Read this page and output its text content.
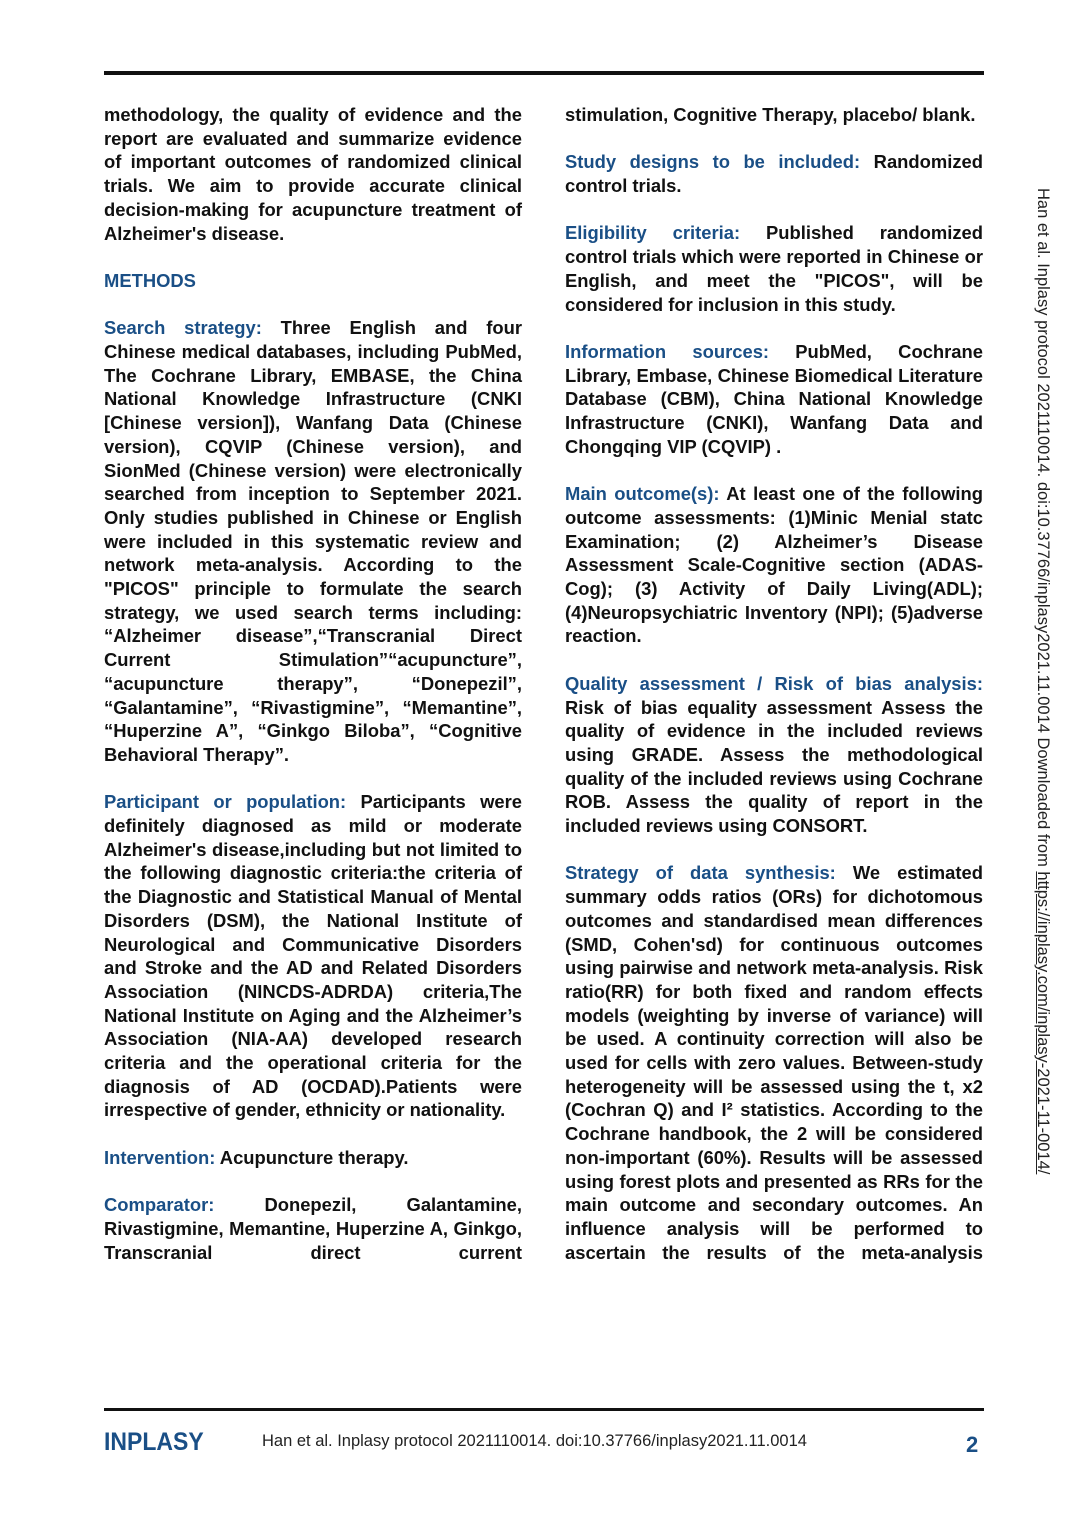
methodology, the quality of evidence and the report are evaluated and summarize evidence of important outcomes of randomized clinical trials. We aim to provide accurate clinical decision-making for acupuncture treatment of Alzheimer's disease.

METHODS

Search strategy: Three English and four Chinese medical databases, including PubMed, The Cochrane Library, EMBASE, the China National Knowledge Infrastructure (CNKI [Chinese version]), Wanfang Data (Chinese version), CQVIP (Chinese version), and SionMed (Chinese version) were electronically searched from inception to September 2021. Only studies published in Chinese or English were included in this systematic review and network meta-analysis. According to the "PICOS" principle to formulate the search strategy, we used search terms including: “Alzheimer disease”,“Transcranial Direct Current Stimulation”“acupuncture”, “acupuncture therapy”, “Donepezil”, “Galantamine”, “Rivastigmine”, “Memantine”, “Huperzine A”, “Ginkgo Biloba”, “Cognitive Behavioral Therapy”.

Participant or population: Participants were definitely diagnosed as mild or moderate Alzheimer's disease,including but not limited to the following diagnostic criteria:the criteria of the Diagnostic and Statistical Manual of Mental Disorders (DSM), the National Institute of Neurological and Communicative Disorders and Stroke and the AD and Related Disorders Association (NINCDS-ADRDA) criteria,The National Institute on Aging and the Alzheimer’s Association (NIA-AA) developed research criteria and the operational criteria for the diagnosis of AD (OCDAD).Patients were irrespective of gender, ethnicity or nationality.

Intervention: Acupuncture therapy.

Comparator: Donepezil, Galantamine, Rivastigmine, Memantine, Huperzine A, Ginkgo, Transcranial direct current

stimulation, Cognitive Therapy, placebo/ blank.

Study designs to be included: Randomized control trials.

Eligibility criteria: Published randomized control trials which were reported in Chinese or English, and meet the "PICOS", will be considered for inclusion in this study.

Information sources: PubMed, Cochrane Library, Embase, Chinese Biomedical Literature Database (CBM), China National Knowledge Infrastructure (CNKI), Wanfang Data and Chongqing VIP (CQVIP) .

Main outcome(s): At least one of the following outcome assessments: (1)Minic Menial statc Examination; (2) Alzheimer’s Disease Assessment Scale-Cognitive section (ADAS-Cog); (3) Activity of Daily Living(ADL); (4)Neuropsychiatric Inventory (NPI); (5)adverse reaction.

Quality assessment / Risk of bias analysis: Risk of bias equality assessment Assess the quality of evidence in the included reviews using GRADE. Assess the methodological quality of the included reviews using Cochrane ROB. Assess the quality of report in the included reviews using CONSORT.

Strategy of data synthesis: We estimated summary odds ratios (ORs) for dichotomous outcomes and standardised mean differences (SMD, Cohen'sd) for continuous outcomes using pairwise and network meta-analysis. Risk ratio(RR) for both fixed and random effects models (weighting by inverse of variance) will be used. A continuity correction will also be used for cells with zero values. Between-study heterogeneity will be assessed using the t, x2 (Cochran Q) and I² statistics. According to the Cochrane handbook, the 2 will be considered non-important (60%). Results will be assessed using forest plots and presented as RRs for the main outcome and secondary outcomes. An influence analysis will be performed to ascertain the results of the meta-analysis

Han et al. Inplasy protocol 2021110014. doi:10.37766/inplasy2021.11.0014 Downloaded from https://inplasy.com/inplasy-2021-11-0014/
INPLASY	Han et al. Inplasy protocol 2021110014. doi:10.37766/inplasy2021.11.0014	2
